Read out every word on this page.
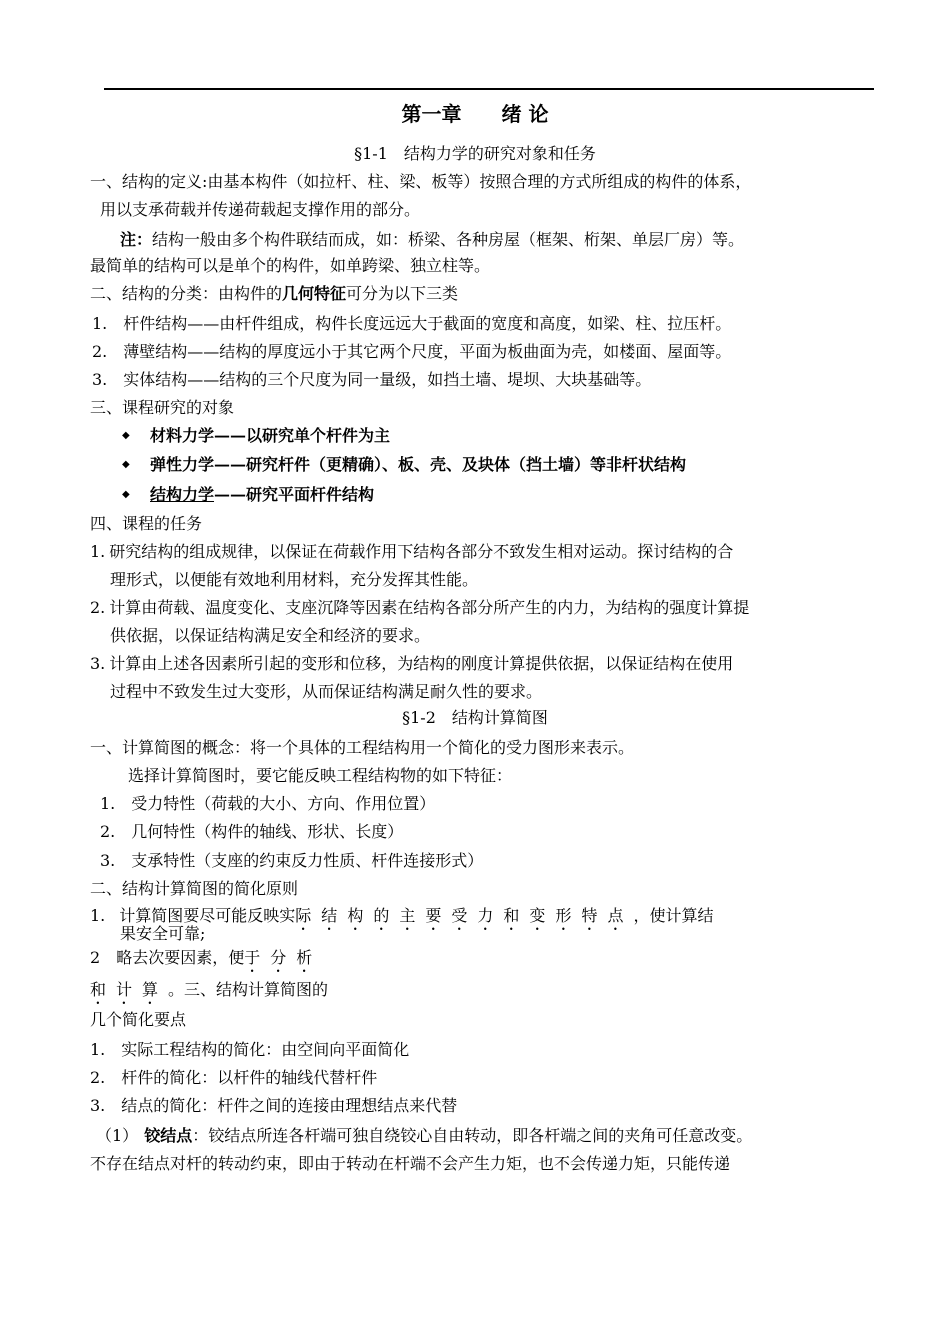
第一章 绪 论
§1-1　结构力学的研究对象和任务
一、结构的定义:由基本构件（如拉杆、柱、梁、板等）按照合理的方式所组成的构件的体系，
用以支承荷载并传递荷载起支撑作用的部分。
注：结构一般由多个构件联结而成，如：桥梁、各种房屋（框架、桁架、单层厂房）等。
最简单的结构可以是单个的构件，如单跨梁、独立柱等。
二、结构的分类：由构件的几何特征可分为以下三类
1. 杆件结构——由杆件组成，构件长度远远大于截面的宽度和高度，如梁、柱、拉压杆。
2. 薄壁结构——结构的厚度远小于其它两个尺度，平面为板曲面为壳，如楼面、屋面等。
3. 实体结构——结构的三个尺度为同一量级，如挡土墙、堤坝、大块基础等。
三、课程研究的对象
◆ 材料力学——以研究单个杆件为主
◆ 弹性力学——研究杆件（更精确）、板、壳、及块体（挡土墙）等非杆状结构
◆ 结构力学——研究平面杆件结构
四、课程的任务
1. 研究结构的组成规律，以保证在荷载作用下结构各部分不致发生相对运动。探讨结构的合
理形式，以便能有效地利用材料，充分发挥其性能。
2. 计算由荷载、温度变化、支座沉降等因素在结构各部分所产生的内力，为结构的强度计算提
供依据，以保证结构满足安全和经济的要求。
3. 计算由上述各因素所引起的变形和位移，为结构的刚度计算提供依据，以保证结构在使用
过程中不致发生过大变形，从而保证结构满足耐久性的要求。
§1-2　结构计算简图
一、计算简图的概念：将一个具体的工程结构用一个简化的受力图形来表示。
选择计算简图时，要它能反映工程结构物的如下特征：
1. 受力特性（荷载的大小、方向、作用位置）
2. 几何特性（构件的轴线、形状、长度）
3. 支承特性（支座的约束反力性质、杆件连接形式）
二、结构计算简图的简化原则
1. 计算简图要尽可能反映实际 结 构 的 主 要 受 力 和 变 形 特 点 ，使计算结
果安全可靠;
2 略去次要因素，便于 分 析
和 计 算 。三、结构计算简图的
几个简化要点
1. 实际工程结构的简化：由空间向平面简化
2. 杆件的简化：以杆件的轴线代替杆件
3. 结点的简化：杆件之间的连接由理想结点来代替
（1） 铰结点：铰结点所连各杆端可独自绕铰心自由转动，即各杆端之间的夹角可任意改变。
不存在结点对杆的转动约束，即由于转动在杆端不会产生力矩，也不会传递力矩，只能传递
